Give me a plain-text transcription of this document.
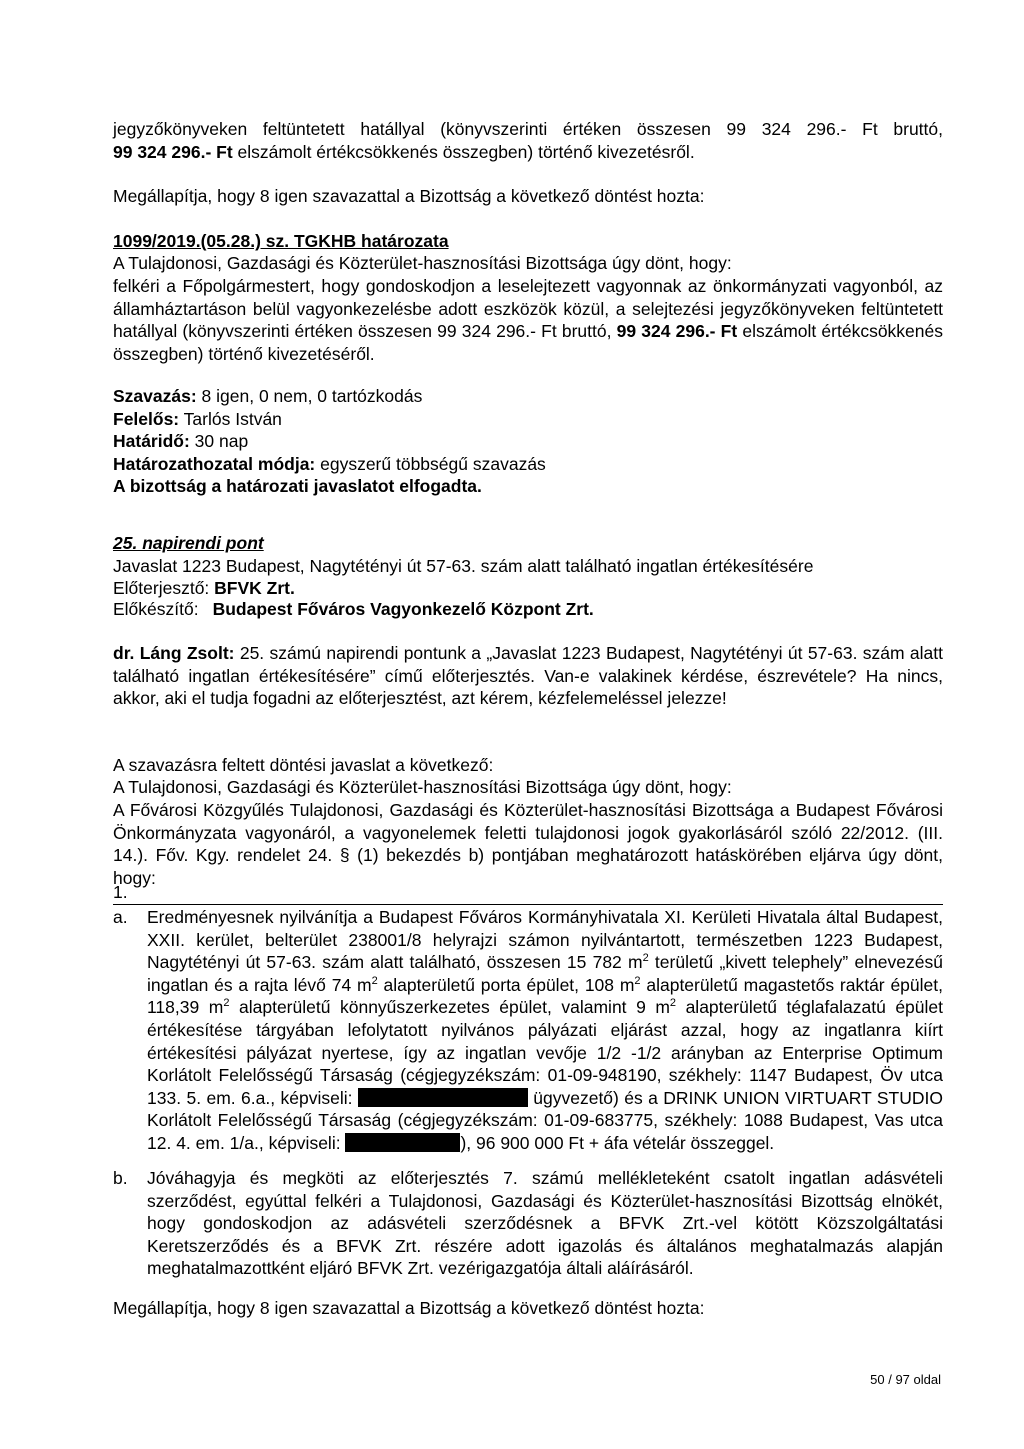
jegyzőkönyveken feltüntetett hatállyal (könyvszerinti értéken összesen 99 324 296.- Ft bruttó,
99 324 296.- Ft elszámolt értékcsökkenés összegben) történő kivezetésről.
Megállapítja, hogy 8 igen szavazattal a Bizottság a következő döntést hozta:
1099/2019.(05.28.) sz. TGKHB határozata
A Tulajdonosi, Gazdasági és Közterület-hasznosítási Bizottsága úgy dönt, hogy:
felkéri a Főpolgármestert, hogy gondoskodjon a leselejtezett vagyonnak az önkormányzati vagyonból, az államháztartáson belül vagyonkezelésbe adott eszközök közül, a selejtezési jegyzőkönyveken feltüntetett hatállyal (könyvszerinti értéken összesen 99 324 296.- Ft bruttó, 99 324 296.- Ft elszámolt értékcsökkenés összegben) történő kivezetéséről.
Szavazás: 8 igen, 0 nem, 0 tartózkodás
Felelős: Tarlós István
Határidő: 30 nap
Határozathozatal módja: egyszerű többségű szavazás
A bizottság a határozati javaslatot elfogadta.
25. napirendi pont
Javaslat 1223 Budapest, Nagytétényi út 57-63. szám alatt található ingatlan értékesítésére
Előterjesztő: BFVK Zrt.
Előkészítő: Budapest Főváros Vagyonkezelő Központ Zrt.
dr. Láng Zsolt: 25. számú napirendi pontunk a „Javaslat 1223 Budapest, Nagytétényi út 57-63. szám alatt található ingatlan értékesítésére” című előterjesztés. Van-e valakinek kérdése, észrevétele? Ha nincs, akkor, aki el tudja fogadni az előterjesztést, azt kérem, kézfelemeléssel jelezze!
A szavazásra feltett döntési javaslat a következő:
A Tulajdonosi, Gazdasági és Közterület-hasznosítási Bizottsága úgy dönt, hogy:
A Fővárosi Közgyűlés Tulajdonosi, Gazdasági és Közterület-hasznosítási Bizottsága a Budapest Fővárosi Önkormányzata vagyonáról, a vagyonelemek feletti tulajdonosi jogok gyakorlásáról szóló 22/2012. (III. 14.). Főv. Kgy. rendelet 24. § (1) bekezdés b) pontjában meghatározott hatáskörében eljárva úgy dönt, hogy:
1.
a. Eredményesnek nyilvánítja a Budapest Főváros Kormányhivatala XI. Kerületi Hivatala által Budapest, XXII. kerület, belterület 238001/8 helyrajzi számon nyilvántartott, természetben 1223 Budapest, Nagytétényi út 57-63. szám alatt található, összesen 15 782 $m^2$ területű „kivett telephely” elnevezésű ingatlan és a rajta lévő 74 $m^2$ alapterületű porta épület, 108 $m^2$ alapterületű magastetős raktár épület, 118,39 $m^2$ alapterületű könnyűszerkezetes épület, valamint 9 $m^2$ alapterületű téglafalazatú épület értékesítése tárgyában lefolytatott nyilvános pályázati eljárást azzal, hogy az ingatlanra kiírt értékesítési pályázat nyertese, így az ingatlan vevője 1/2 -1/2 arányban az Enterprise Optimum Korlátolt Felelősségű Társaság (cégjegyzékszám: 01-09-948190, székhely: 1147 Budapest, Öv utca 133. 5. em. 6.a., képviseli:	ügyvezető) és a DRINK UNION VIRTUART STUDIO Korlátolt Felelősségű Társaság (cégjegyzékszám: 01-09-683775, székhely: 1088 Budapest, Vas utca 12. 4. em. 1/a., képviseli:	), 96 900 000 Ft + áfa vételár összeggel.
b. Jóváhagyja és megköti az előterjesztés 7. számú mellékleteként csatolt ingatlan adásvételi szerződést, egyúttal felkéri a Tulajdonosi, Gazdasági és Közterület-hasznosítási Bizottság elnökét, hogy gondoskodjon az adásvételi szerződésnek a BFVK Zrt.-vel kötött Közszolgáltatási Keretszerződés és a BFVK Zrt. részére adott igazolás és általános meghatalmazás alapján meghatalmazottként eljáró BFVK Zrt. vezérigazgatója általi aláírásáról.
Megállapítja, hogy 8 igen szavazattal a Bizottság a következő döntést hozta:
50 / 97 oldal
